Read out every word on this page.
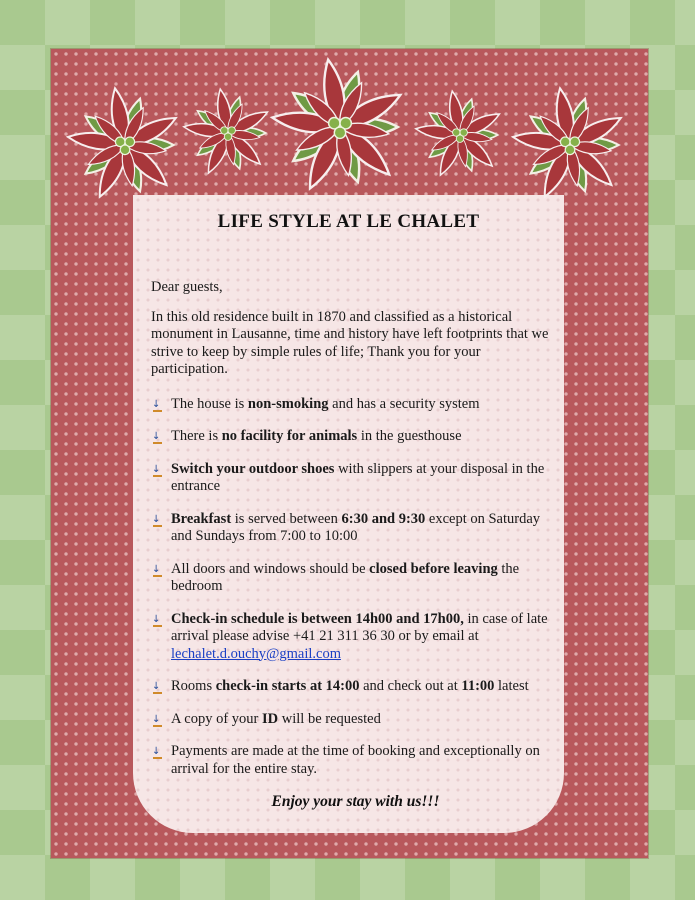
LIFE STYLE AT LE CHALET

Dear guests,

In this old residence built in 1870 and classified as a historical monument in Lausanne, time and history have left footprints that we strive to keep by simple rules of life; Thank you for your participation.

↓ The house is non-smoking and has a security system
↓ There is no facility for animals in the guesthouse
↓ Switch your outdoor shoes with slippers at your disposal in the entrance
↓ Breakfast is served between 6:30 and 9:30 except on Saturday and Sundays from 7:00 to 10:00
↓ All doors and windows should be closed before leaving the bedroom
↓ Check-in schedule is between 14h00 and 17h00, in case of late arrival please advise +41 21 311 36 30 or by email at lechalet.d.ouchy@gmail.com
↓ Rooms check-in starts at 14:00 and check out at 11:00 latest
↓ A copy of your ID will be requested
↓ Payments are made at the time of booking and exceptionally on arrival for the entire stay.

Enjoy your stay with us!!!
